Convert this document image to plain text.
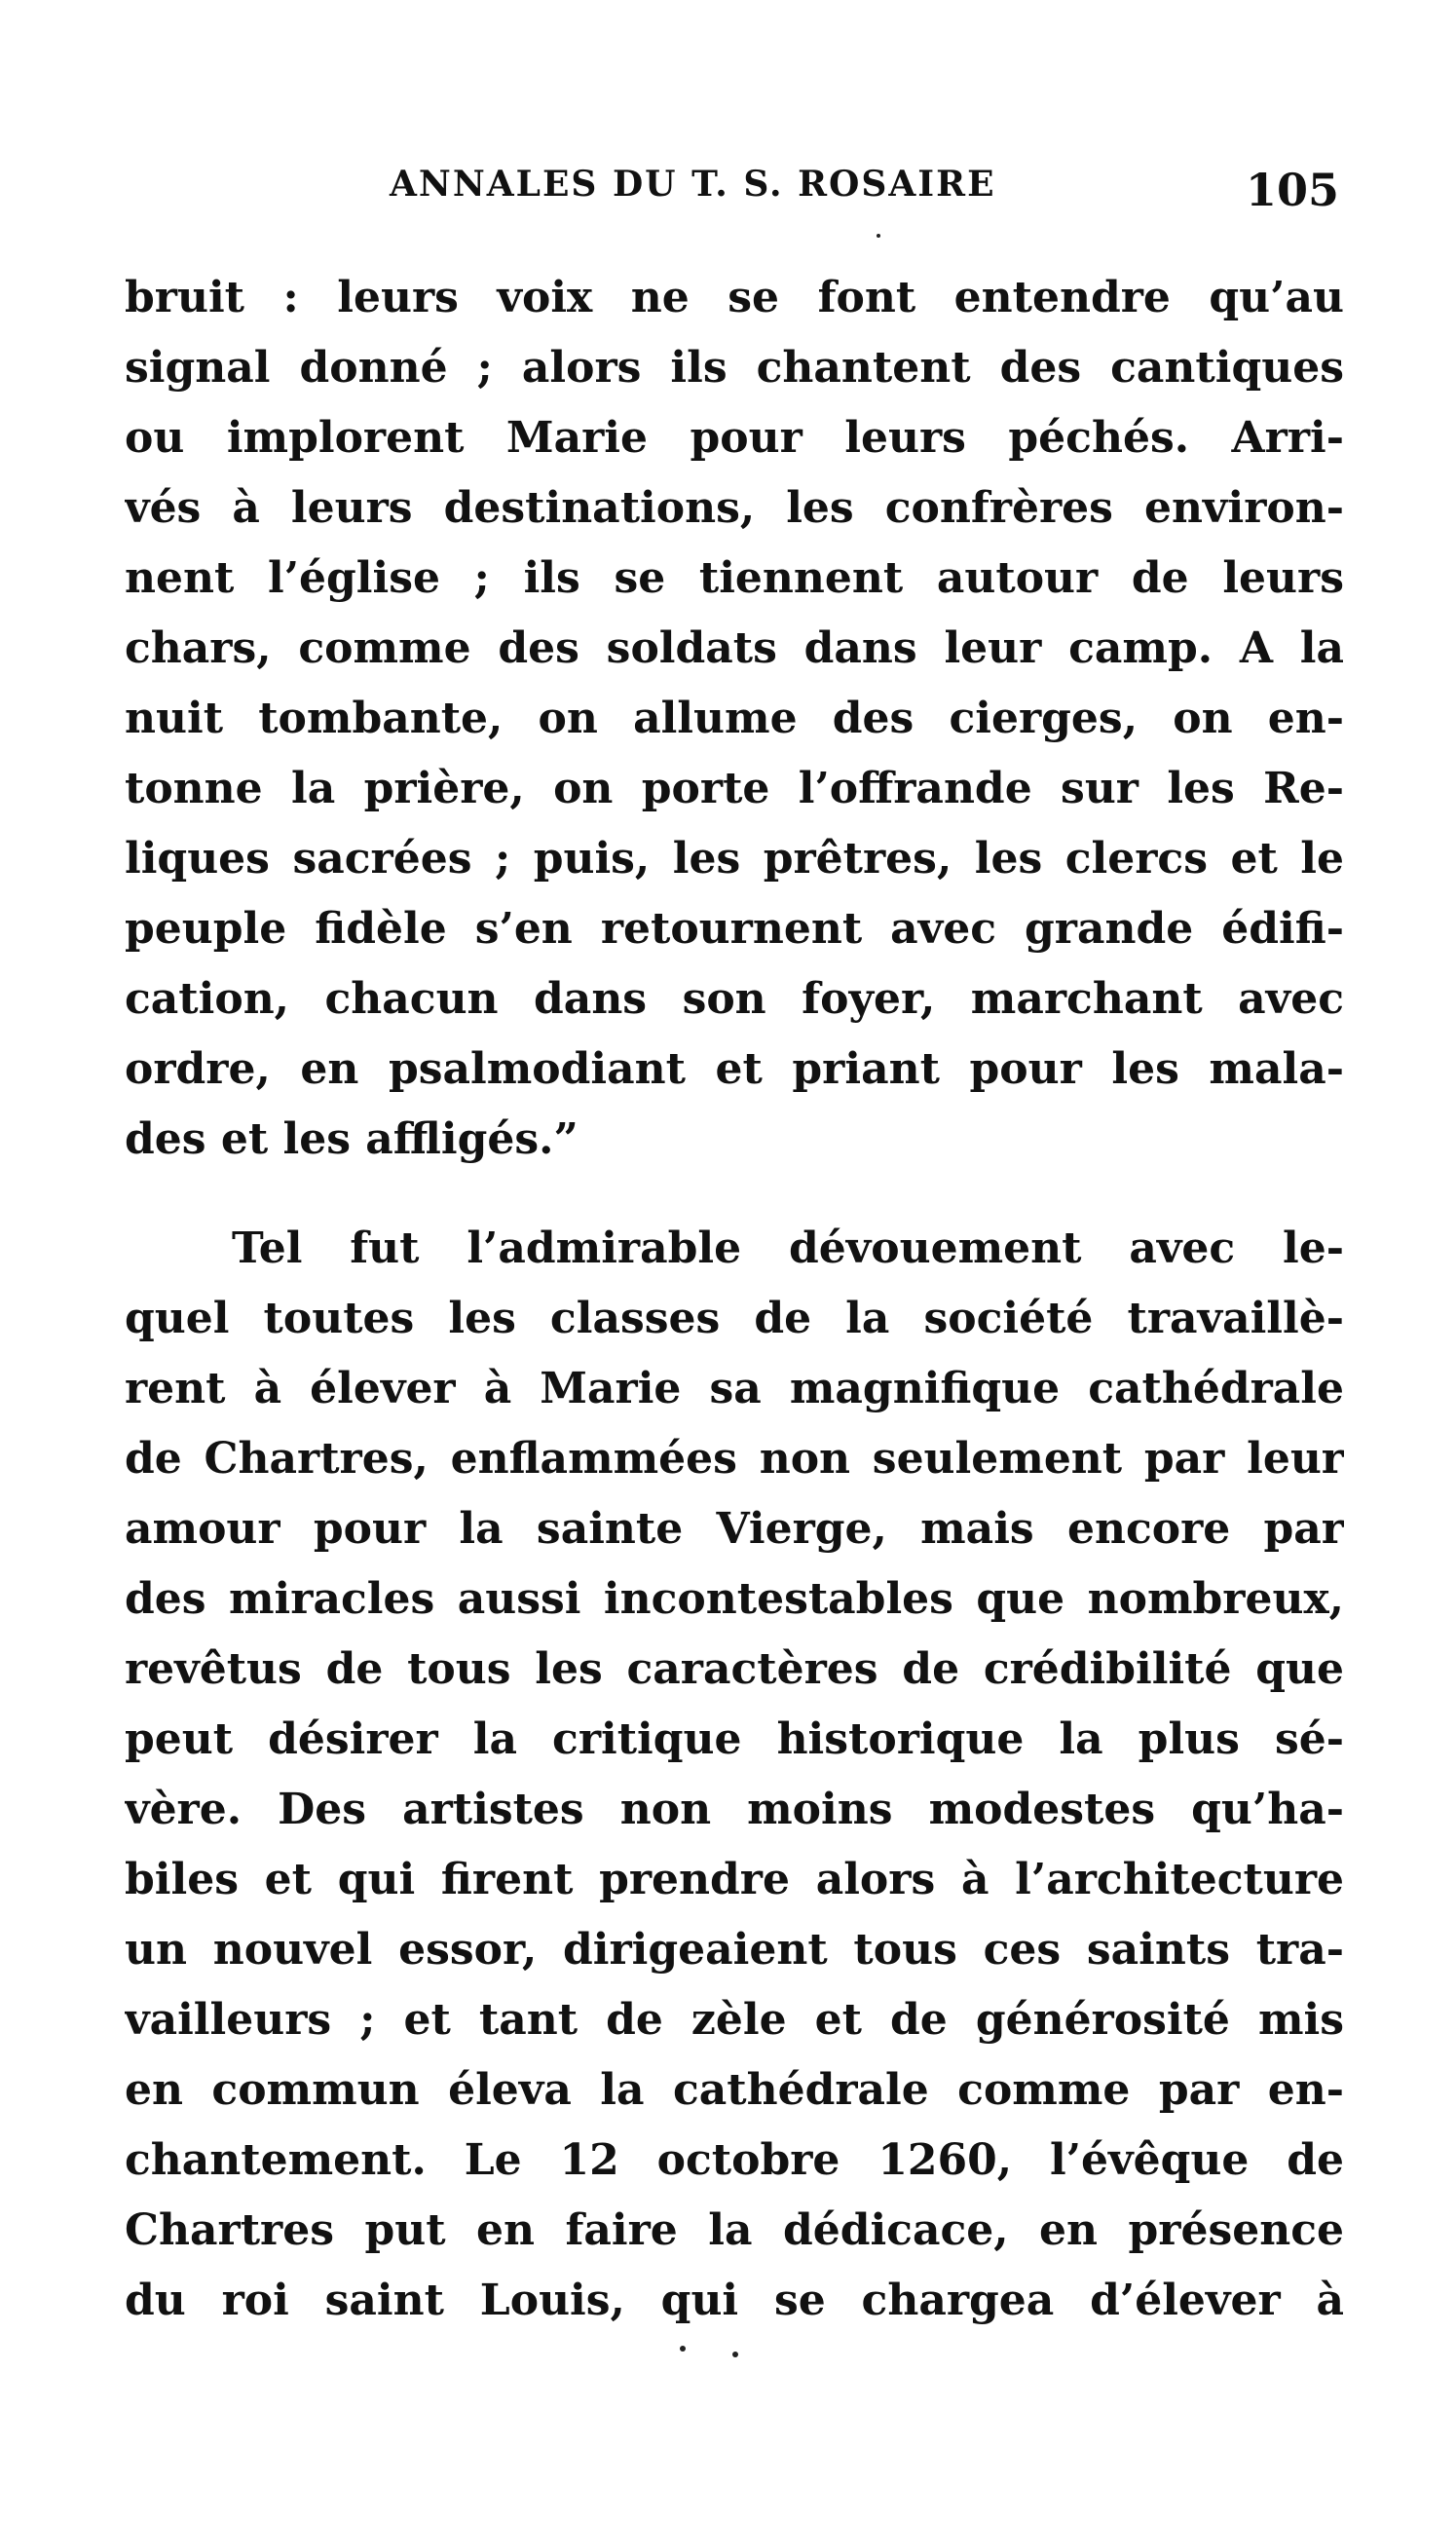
ANNALES DU T. S. ROSAIRE	105
bruit : leurs voix ne se font entendre qu’au
signal donné ; alors ils chantent des cantiques
ou implorent Marie pour leurs péchés. Arri-
vés à leurs destinations, les confrères environ-
nent l’église ; ils se tiennent autour de leurs
chars, comme des soldats dans leur camp. A la
nuit tombante, on allume des cierges, on en-
tonne la prière, on porte l’offrande sur les Re-
liques sacrées ; puis, les prêtres, les clercs et le
peuple fidèle s’en retournent avec grande édifi-
cation, chacun dans son foyer, marchant avec
ordre, en psalmodiant et priant pour les mala-
des et les affligés.”
Tel fut l’admirable dévouement avec le-
quel toutes les classes de la société travaillè-
rent à élever à Marie sa magnifique cathédrale
de Chartres, enflammées non seulement par leur
amour pour la sainte Vierge, mais encore par
des miracles aussi incontestables que nombreux,
revêtus de tous les caractères de crédibilité que
peut désirer la critique historique la plus sé-
vère. Des artistes non moins modestes qu’ha-
biles et qui firent prendre alors à l’architecture
un nouvel essor, dirigeaient tous ces saints tra-
vailleurs ; et tant de zèle et de générosité mis
en commun éleva la cathédrale comme par en-
chantement. Le 12 octobre 1260, l’évêque de
Chartres put en faire la dédicace, en présence
du roi saint Louis, qui se chargea d’élever à
